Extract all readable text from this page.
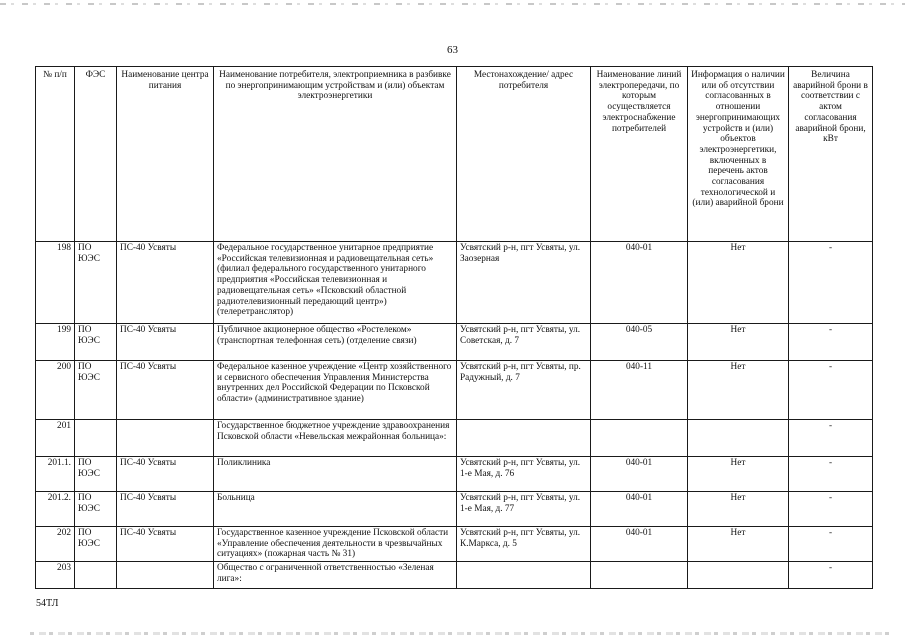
63
№ п/п	ФЭС	Наименование центра питания	Наименование потребителя, электроприемника в разбивке по энергопринимающим устройствам и (или) объектам электроэнергетики	Местонахождение/ адрес потребителя	Наименование линий электропередачи, по которым осуществляется электроснабжение потребителей	Информация о наличии или об отсутствии согласованных в отношении энергопринимающих устройств и (или) объектов электроэнергетики, включенных в перечень актов согласования технологической и (или) аварийной брони	Величина аварийной брони в соответствии с актом согласования аварийной брони, кВт
198	ПО ЮЭС	ПС-40 Усвяты	Федеральное государственное унитарное предприятие «Российская телевизионная и радиовещательная сеть» (филиал федерального государственного унитарного предприятия «Российская телевизионная и радиовещательная сеть» «Псковский областной радиотелевизионный передающий центр») (телеретранслятор)	Усвятский р-н, пгт Усвяты, ул. Заозерная	040-01	Нет	-
199	ПО ЮЭС	ПС-40 Усвяты	Публичное акционерное общество «Ростелеком» (транспортная телефонная сеть) (отделение связи)	Усвятский р-н, пгт Усвяты, ул. Советская, д. 7	040-05	Нет	-
200	ПО ЮЭС	ПС-40 Усвяты	Федеральное казенное учреждение «Центр хозяйственного и сервисного обеспечения Управления Министерства внутренних дел Российской Федерации по Псковской области» (административное здание)	Усвятский р-н, пгт Усвяты, пр. Радужный, д. 7	040-11	Нет	-
201			Государственное бюджетное учреждение здравоохранения Псковской области «Невельская межрайонная больница»:				-
201.1.	ПО ЮЭС	ПС-40 Усвяты	Поликлиника	Усвятский р-н, пгт Усвяты, ул. 1-е Мая, д. 76	040-01	Нет	-
201.2.	ПО ЮЭС	ПС-40 Усвяты	Больница	Усвятский р-н, пгт Усвяты, ул. 1-е Мая, д. 77	040-01	Нет	-
202	ПО ЮЭС	ПС-40 Усвяты	Государственное казенное учреждение Псковской области «Управление обеспечения деятельности в чрезвычайных ситуациях» (пожарная часть № 31)	Усвятский р-н, пгт Усвяты, ул. К.Маркса, д. 5	040-01	Нет	-
203			Общество с ограниченной ответственностью «Зеленая лига»:				-
54ТЛ
